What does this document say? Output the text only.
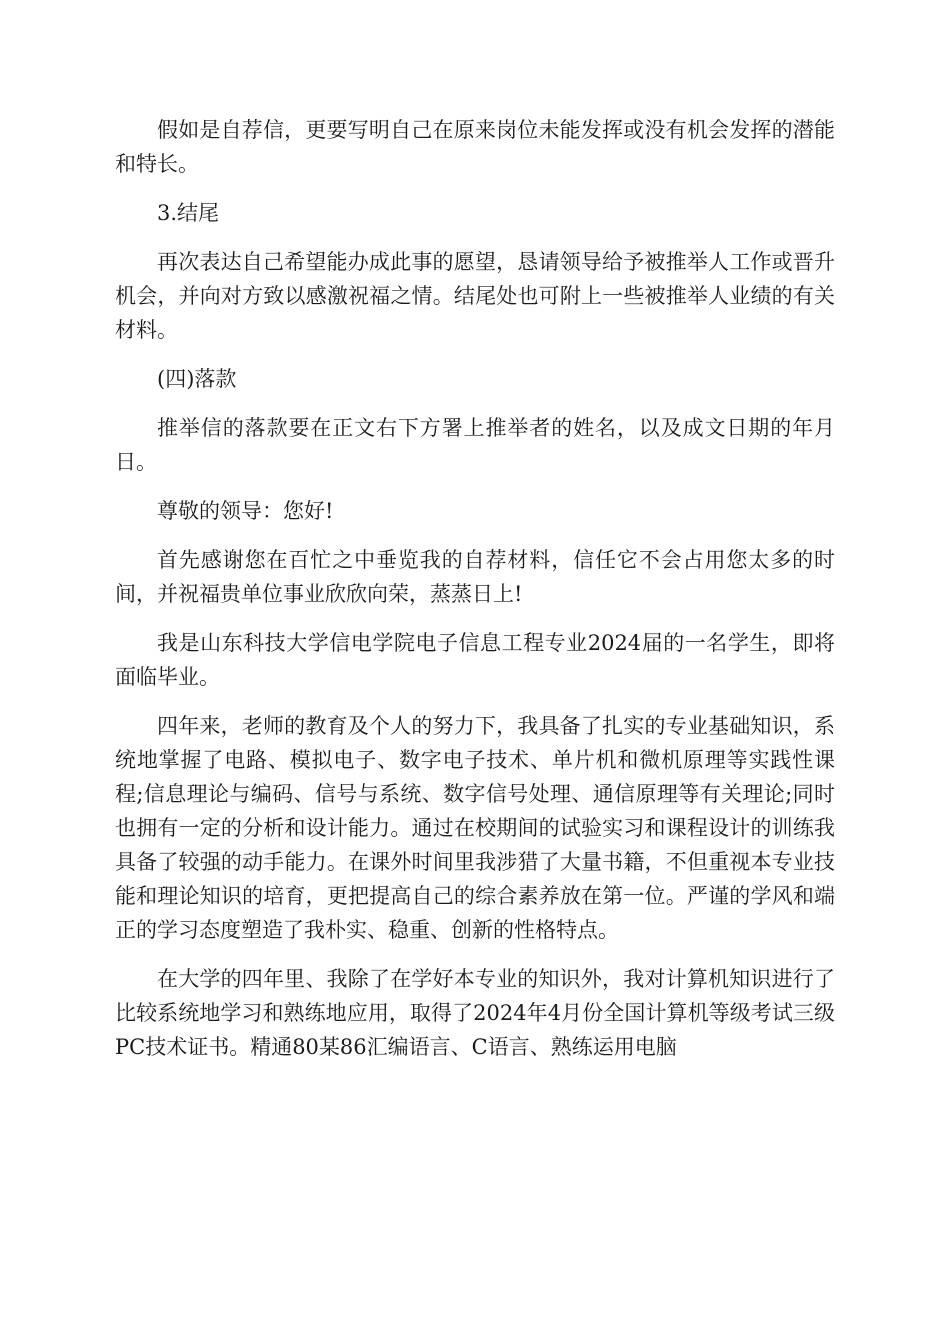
假如是自荐信，更要写明自己在原来岗位未能发挥或没有机会发挥的潜能和特长。

3.结尾

再次表达自己希望能办成此事的愿望，恳请领导给予被推举人工作或晋升机会，并向对方致以感激祝福之情。结尾处也可附上一些被推举人业绩的有关材料。

(四)落款

推举信的落款要在正文右下方署上推举者的姓名，以及成文日期的年月日。

尊敬的领导：您好!

首先感谢您在百忙之中垂览我的自荐材料，信任它不会占用您太多的时间，并祝福贵单位事业欣欣向荣，蒸蒸日上!

我是山东科技大学信电学院电子信息工程专业2024届的一名学生，即将面临毕业。

四年来，老师的教育及个人的努力下，我具备了扎实的专业基础知识，系统地掌握了电路、模拟电子、数字电子技术、单片机和微机原理等实践性课程;信息理论与编码、信号与系统、数字信号处理、通信原理等有关理论;同时也拥有一定的分析和设计能力。通过在校期间的试验实习和课程设计的训练我具备了较强的动手能力。在课外时间里我涉猎了大量书籍，不但重视本专业技能和理论知识的培育，更把提高自己的综合素养放在第一位。严谨的学风和端正的学习态度塑造了我朴实、稳重、创新的性格特点。

在大学的四年里、我除了在学好本专业的知识外，我对计算机知识进行了比较系统地学习和熟练地应用，取得了2024年4月份全国计算机等级考试三级PC技术证书。精通80某86汇编语言、C语言、熟练运用电脑
